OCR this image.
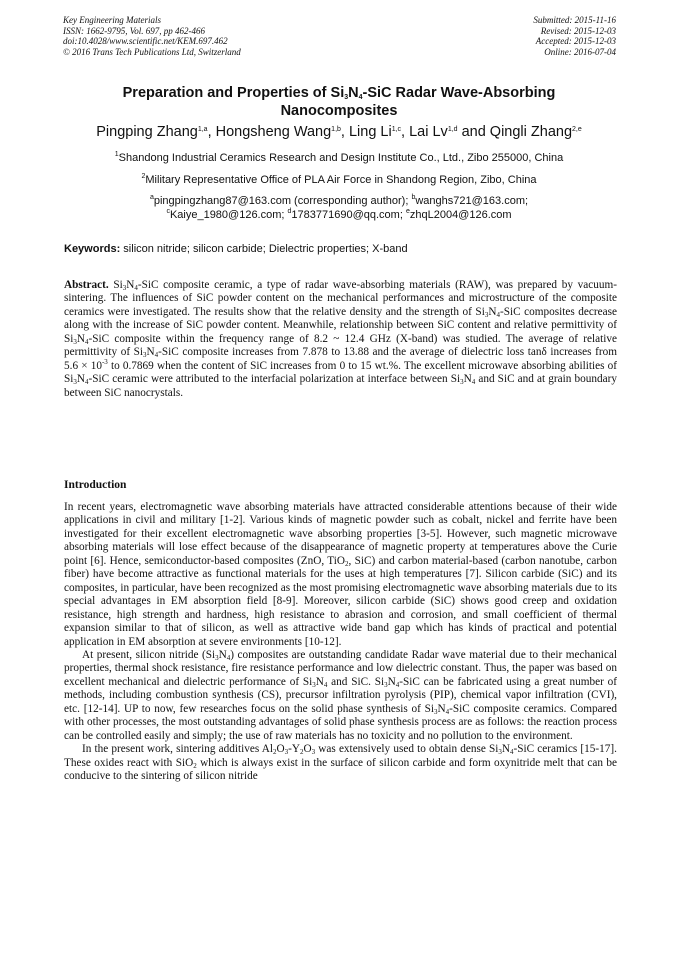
Key Engineering Materials
ISSN: 1662-9795, Vol. 697, pp 462-466
doi:10.4028/www.scientific.net/KEM.697.462
© 2016 Trans Tech Publications Ltd, Switzerland
Submitted: 2015-11-16
Revised: 2015-12-03
Accepted: 2015-12-03
Online: 2016-07-04
Preparation and Properties of $Si_3N_4$-SiC Radar Wave-Absorbing Nanocomposites
Pingping Zhang$^{1,a}$, Hongsheng Wang$^{1,b}$, Ling Li$^{1,c}$, Lai Lv$^{1,d}$ and Qingli Zhang$^{2,e}$
$^1$Shandong Industrial Ceramics Research and Design Institute Co., Ltd., Zibo 255000, China
$^2$Military Representative Office of PLA Air Force in Shandong Region, Zibo, China
$^a$pingpingzhang87@163.com (corresponding author); $^b$wanghs721@163.com;
$^c$Kaiye_1980@126.com; $^d$1783771690@qq.com; $^e$zhqL2004@126.com
Keywords: silicon nitride; silicon carbide; Dielectric properties; X-band

Abstract. $Si_3N_4$-SiC composite ceramic, a type of radar wave-absorbing materials (RAW), was prepared by vacuum-sintering. The influences of SiC powder content on the mechanical performances and microstructure of the composite ceramics were investigated. The results show that the relative density and the strength of $Si_3N_4$-SiC composites decrease along with the increase of SiC powder content. Meanwhile, relationship between SiC content and relative permittivity of $Si_3N_4$-SiC composite within the frequency range of 8.2 ~ 12.4 GHz (X-band) was studied. The average of relative permittivity of $Si_3N_4$-SiC composite increases from 7.878 to 13.88 and the average of dielectric loss tanδ increases from $5.6 \times 10^{-3}$ to 0.7869 when the content of SiC increases from 0 to 15 wt.%. The excellent microwave absorbing abilities of $Si_3N_4$-SiC ceramic were attributed to the interfacial polarization at interface between $Si_3N_4$ and SiC and at grain boundary between SiC nanocrystals.

Introduction

In recent years, electromagnetic wave absorbing materials have attracted considerable attentions because of their wide applications in civil and military [1-2]. Various kinds of magnetic powder such as cobalt, nickel and ferrite have been investigated for their excellent electromagnetic wave absorbing properties [3-5]. However, such magnetic microwave absorbing materials will lose effect because of the disappearance of magnetic property at temperatures above the Curie point [6]. Hence, semiconductor-based composites (ZnO, TiO$_2$, SiC) and carbon material-based (carbon nanotube, carbon fiber) have become attractive as functional materials for the uses at high temperatures [7]. Silicon carbide (SiC) and its composites, in particular, have been recognized as the most promising electromagnetic wave absorbing materials due to its special advantages in EM absorption field [8-9]. Moreover, silicon carbide (SiC) shows good creep and oxidation resistance, high strength and hardness, high resistance to abrasion and corrosion, and small coefficient of thermal expansion similar to that of silicon, as well as attractive wide band gap which has kinds of practical and potential application in EM absorption at severe environments [10-12].

At present, silicon nitride $(Si_3N_4)$ composites are outstanding candidate Radar wave material due to their mechanical properties, thermal shock resistance, fire resistance performance and low dielectric constant. Thus, the paper was based on excellent mechanical and dielectric performance of $Si_3N_4$ and SiC. $Si_3N_4$-SiC can be fabricated using a great number of methods, including combustion synthesis (CS), precursor infiltration pyrolysis (PIP), chemical vapor infiltration (CVI), etc. [12-14]. UP to now, few researches focus on the solid phase synthesis of $Si_3N_4$-SiC composite ceramics. Compared with other processes, the most outstanding advantages of solid phase synthesis process are as follows: the reaction process can be controlled easily and simply; the use of raw materials has no toxicity and no pollution to the environment.

In the present work, sintering additives $Al_2O_3-Y_2O_3$ was extensively used to obtain dense $Si_3N_4$-SiC ceramics [15-17]. These oxides react with SiO$_2$ which is always exist in the surface of silicon carbide and form oxynitride melt that can be conducive to the sintering of silicon nitride
